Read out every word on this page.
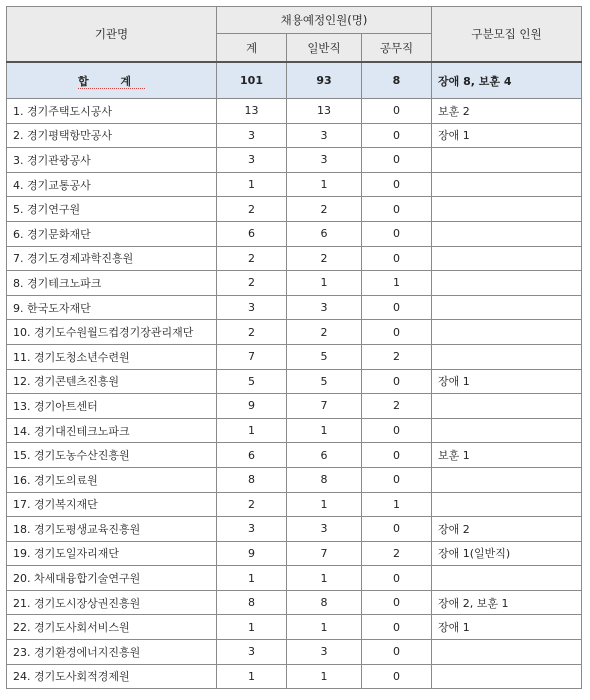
기관명	채용예정인원(명)			구분모집 인원
	계	일반직	공무직	
합 계	101	93	8	장애 8, 보훈 4
1. 경기주택도시공사	13	13	0	보훈 2
2. 경기평택항만공사	3	3	0	장애 1
3. 경기관광공사	3	3	0	
4. 경기교통공사	1	1	0	
5. 경기연구원	2	2	0	
6. 경기문화재단	6	6	0	
7. 경기도경제과학진흥원	2	2	0	
8. 경기테크노파크	2	1	1	
9. 한국도자재단	3	3	0	
10. 경기도수원월드컵경기장관리재단	2	2	0	
11. 경기도청소년수련원	7	5	2	
12. 경기콘텐츠진흥원	5	5	0	장애 1
13. 경기아트센터	9	7	2	
14. 경기대진테크노파크	1	1	0	
15. 경기도농수산진흥원	6	6	0	보훈 1
16. 경기도의료원	8	8	0	
17. 경기복지재단	2	1	1	
18. 경기도평생교육진흥원	3	3	0	장애 2
19. 경기도일자리재단	9	7	2	장애 1(일반직)
20. 차세대융합기술연구원	1	1	0	
21. 경기도시장상권진흥원	8	8	0	장애 2, 보훈 1
22. 경기도사회서비스원	1	1	0	장애 1
23. 경기환경에너지진흥원	3	3	0	
24. 경기도사회적경제원	1	1	0	
